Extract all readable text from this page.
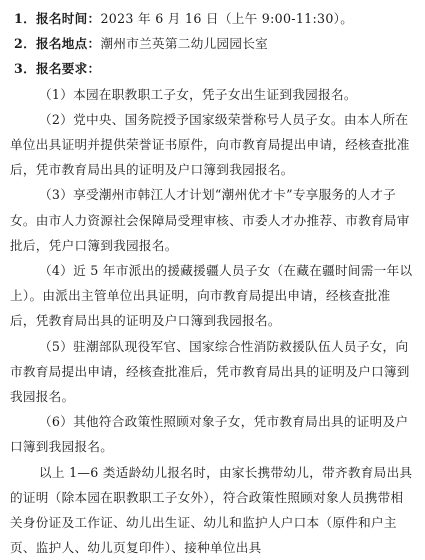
1．报名时间：2023 年 6 月 16 日（上午 9:00-11:30）。

2．报名地点：潮州市兰英第二幼儿园园长室

3．报名要求：

（1）本园在职教职工子女，凭子女出生证到我园报名。

（2）党中央、国务院授予国家级荣誉称号人员子女。由本人所在单位出具证明并提供荣誉证书原件，向市教育局提出申请，经核查批准后，凭市教育局出具的证明及户口簿到我园报名。

（3）享受潮州市韩江人才计划“潮州优才卡”专享服务的人才子女。由市人力资源社会保障局受理审核、市委人才办推荐、市教育局审批后，凭户口簿到我园报名。

（4）近 5 年市派出的援藏援疆人员子女（在藏在疆时间需一年以上）。由派出主管单位出具证明，向市教育局提出申请，经核查批准后，凭教育局出具的证明及户口簿到我园报名。

（5）驻潮部队现役军官、国家综合性消防救援队伍人员子女，向市教育局提出申请，经核查批准后，凭市教育局出具的证明及户口簿到我园报名。

（6）其他符合政策性照顾对象子女，凭市教育局出具的证明及户口簿到我园报名。

以上 1—6 类适龄幼儿报名时，由家长携带幼儿，带齐教育局出具的证明（除本园在职教职工子女外），符合政策性照顾对象人员携带相关身份证及工作证、幼儿出生证、幼儿和监护人户口本（原件和户主页、监护人、幼儿页复印件）、接种单位出具
